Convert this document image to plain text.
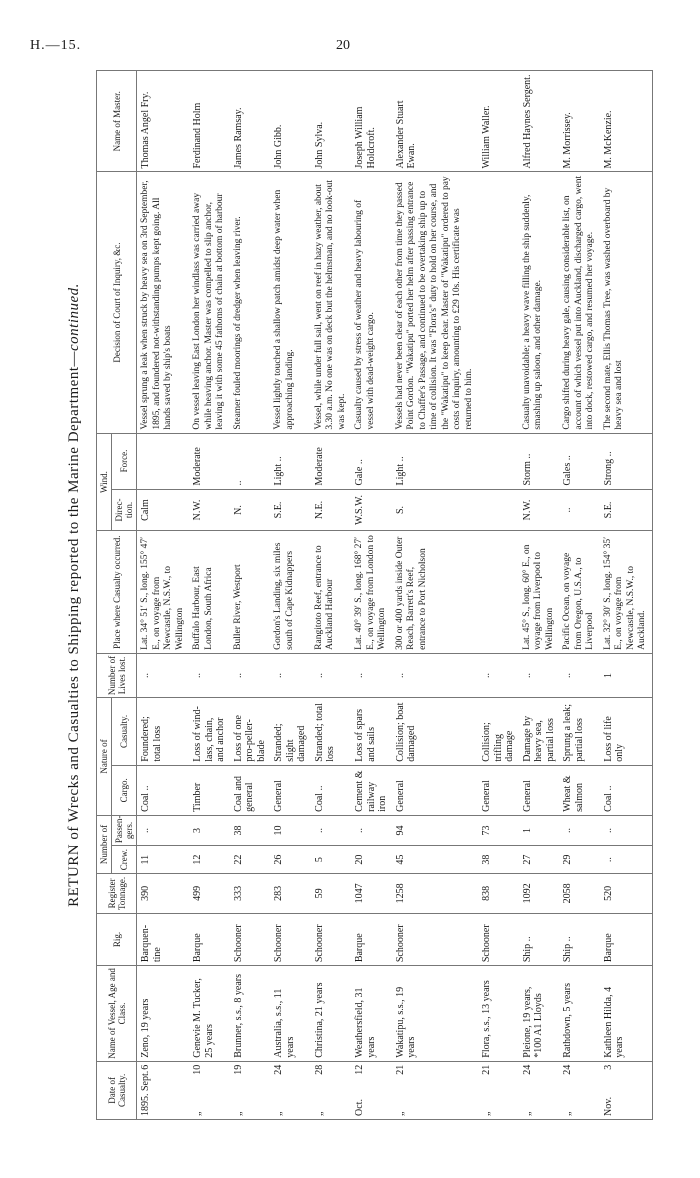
H.—15.	20
RETURN of Wrecks and Casualties to Shipping reported to the Marine Department—continued.
Date of Casualty.	Name of Vessel, Age and Class.	Rig.	Register Tonnage.	Number of		Nature of		Number of Lives lost.	Place where Casualty occurred.	Wind.		Decision of Court of Inquiry, &c.	Name of Master.
				Crew.	Passen- gers.	Cargo.	Casualty.			Direc- tion.	Force.		
1895. Sept.
6	Zeno, 19 years	Barquen- tine	390	11	..	Coal ..	Foundered; total loss	..	Lat. 34° 51′ S., long. 155° 47′ E., on voyage from Newcastle, N.S.W., to Wellington	Calm		Vessel sprung a leak when struck by heavy sea on 3rd September, 1895, and foundered not-withstanding pumps kept going. All hands saved by ship's boats	Thomas Angel Fry.
„
10	Genevie M. Tucker, 25 years	Barque	499	12	3	Timber	Loss of wind-lass, chain, and anchor	..	Buffalo Harbour, East London, South Africa	N.W.	Moderate	On vessel leaving East London her windlass was carried away while heaving anchor. Master was compelled to slip anchor, leaving it with some 45 fathoms of chain at bottom of harbour	Ferdinand Holm
„
19	Brunner, s.s., 8 years	Schooner	333	22	38	Coal and general	Loss of one pro-peller-blade	..	Buller River, Westport	N.	..	Steamer fouled moorings of dredger when leaving river.	James Ramsay.
„
24	Australia, s.s., 11 years	Schooner	283	26	10	General	Stranded; slight damaged	..	Gordon's Landing, six miles south of Cape Kidnappers	S.E.	Light ..	Vessel lightly touched a shallow patch amidst deep water when approaching landing.	John Gibb.
„
28	Christina, 21 years	Schooner	59	5	..	Coal ..	Stranded; total loss	..	Rangitoto Reef, entrance to Auckland Harbour	N.E.	Moderate	Vessel, while under full sail, went on reef in hazy weather, about 3.30 a.m. No one was on deck but the helmsman, and no look-out was kept.	John Sylva.
Oct.
12	Weathersfield, 31 years	Barque	1047	20	..	Cement & railway iron	Loss of spars and sails	..	Lat. 40° 39′ S., long. 168° 27′ E., on voyage from London to Wellington	W.S.W.	Gale ..	Casualty caused by stress of weather and heavy labouring of vessel with dead-weight cargo.	Joseph William Holdcroft.
„
21	Wakatipu, s.s., 19 years	Schooner	1258	45	94	General	Collision; boat damaged	..	300 or 400 yards inside Outer Reach, Barrett's Reef, entrance to Port Nicholson	S.	Light ..	Vessels had never been clear of each other from time they passed Point Gordon. "Wakatipu" ported her helm after passing entrance to Chaffer's Passage, and continued to be overtaking ship up to time of collision. It was "Flora's" duty to hold on her course, and the "Wakatipu" to keep clear. Master of "Wakatipu" ordered to pay costs of inquiry, amounting to £29 10s. His certificate was returned to him.	Alexander Stuart Ewan.
„
21	Flora, s.s., 13 years	Schooner	838	38	73	General	Collision; trifling damage	..					William Waller.
„
24	Pleione, 19 years, *100 A1 Lloyds	Ship ..	1092	27	1	General	Damage by heavy sea, partial loss	..	Lat. 45° S., long. 60° E., on voyage from Liverpool to Wellington	N.W.	Storm ..	Casualty unavoidable; a heavy wave filling the ship suddenly, smashing up saloon, and other damage.	Alfred Haynes Sergent.
„
24	Rathdown, 5 years	Ship ..	2058	29	..	Wheat & salmon	Sprung a leak; partial loss	..	Pacific Ocean, on voyage from Oregon, U.S.A., to Liverpool	..	Gales ..	Cargo shifted during heavy gale, causing considerable list, on account of which vessel put into Auckland, discharged cargo, went into dock, restowed cargo, and resumed her voyage.	M. Morrissey.
Nov.
3	Kathleen Hilda, 4 years	Barque	520	..	..	Coal ..	Loss of life only	1	Lat. 32° 30′ S., long. 154° 35′ E., on voyage from Newcastle, N.S.W., to Auckland.	S.E.	Strong ..	The second mate, Ellis Thomas Tree, was washed overboard by heavy sea and lost	M. McKenzie.
